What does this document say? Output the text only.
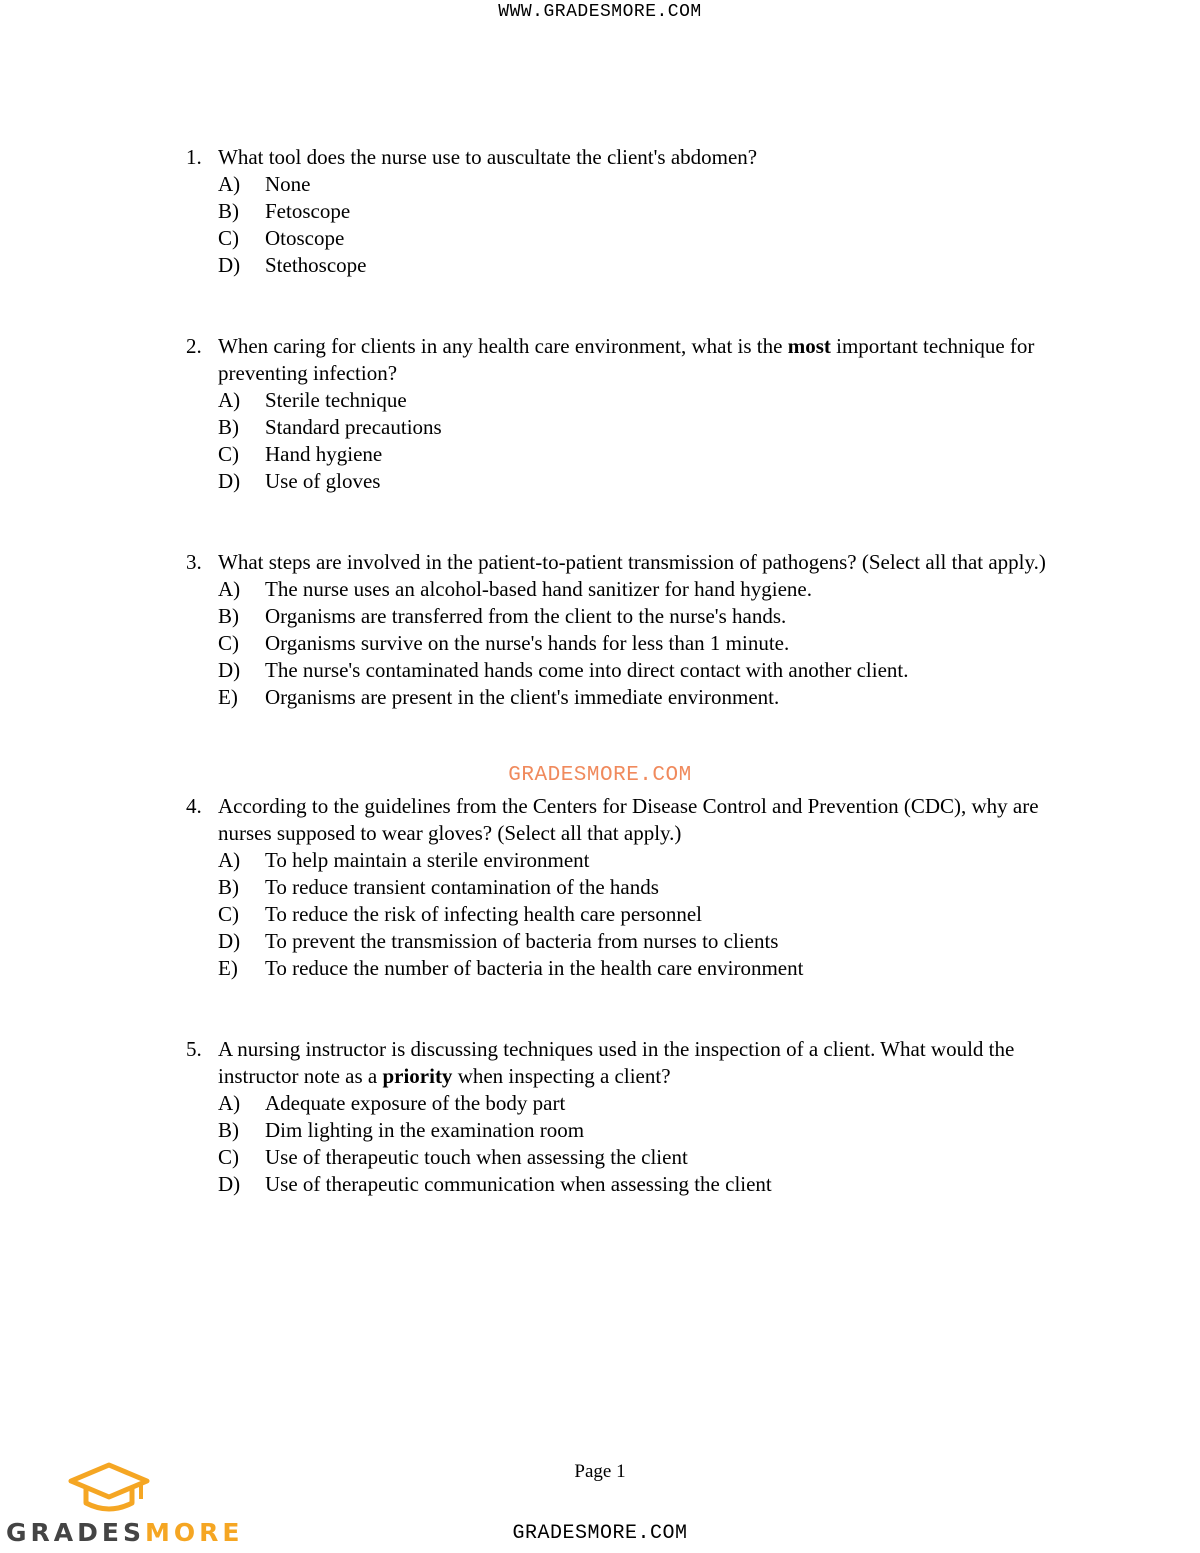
WWW.GRADESMORE.COM
1. What tool does the nurse use to auscultate the client's abdomen?
A)	None
B)	Fetoscope
C)	Otoscope
D)	Stethoscope
2. When caring for clients in any health care environment, what is the most important technique for preventing infection?
A)	Sterile technique
B)	Standard precautions
C)	Hand hygiene
D)	Use of gloves
3. What steps are involved in the patient-to-patient transmission of pathogens? (Select all that apply.)
A)	The nurse uses an alcohol-based hand sanitizer for hand hygiene.
B)	Organisms are transferred from the client to the nurse's hands.
C)	Organisms survive on the nurse's hands for less than 1 minute.
D)	The nurse's contaminated hands come into direct contact with another client.
E)	Organisms are present in the client's immediate environment.
GRADESMORE.COM
4. According to the guidelines from the Centers for Disease Control and Prevention (CDC), why are nurses supposed to wear gloves? (Select all that apply.)
A)	To help maintain a sterile environment
B)	To reduce transient contamination of the hands
C)	To reduce the risk of infecting health care personnel
D)	To prevent the transmission of bacteria from nurses to clients
E)	To reduce the number of bacteria in the health care environment
5. A nursing instructor is discussing techniques used in the inspection of a client. What would the instructor note as a priority when inspecting a client?
A)	Adequate exposure of the body part
B)	Dim lighting in the examination room
C)	Use of therapeutic touch when assessing the client
D)	Use of therapeutic communication when assessing the client
Page 1
GRADESMORE	GRADESMORE.COM
